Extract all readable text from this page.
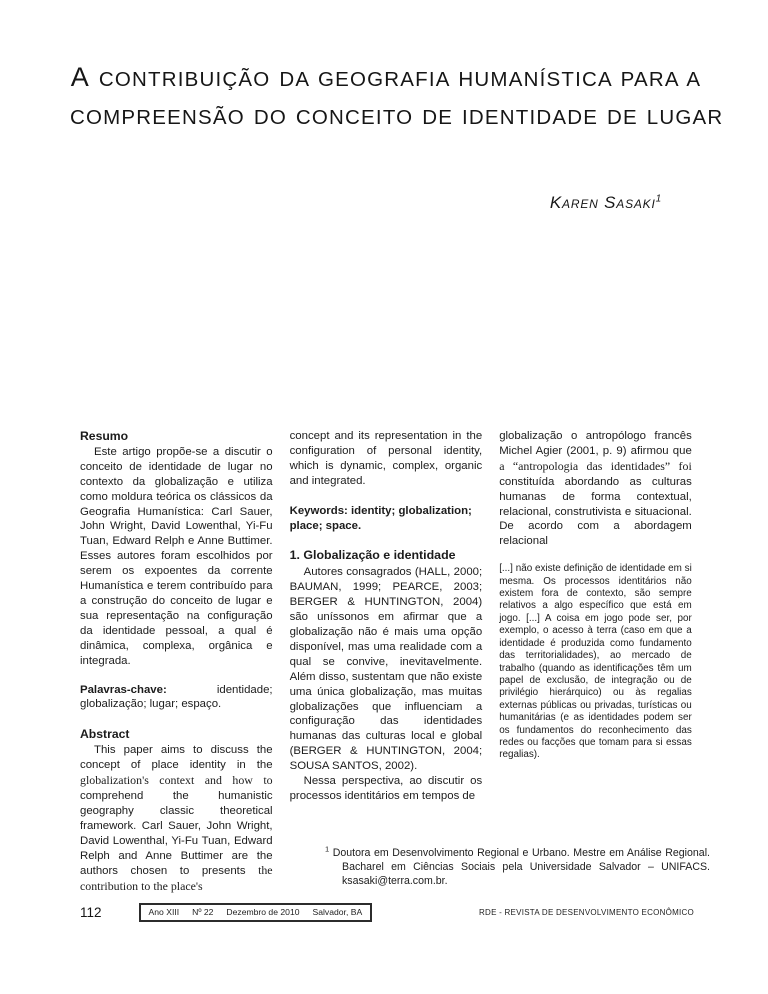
A CONTRIBUIÇÃO DA GEOGRAFIA HUMANÍSTICA PARA A
COMPREENSÃO DO CONCEITO DE IDENTIDADE DE LUGAR
Karen Sasaki$^1$
Resumo

Este artigo propõe-se a discutir o conceito de identidade de lugar no contexto da globalização e utiliza como moldura teórica os clássicos da Geografia Humanística: Carl Sauer, John Wright, David Lowenthal, Yi-Fu Tuan, Edward Relph e Anne Buttimer. Esses autores foram escolhidos por serem os expoentes da corrente Humanística e terem contribuído para a construção do conceito de lugar e sua representação na configuração da identidade pessoal, a qual é dinâmica, complexa, orgânica e integrada.

Palavras-chave: identidade; globalização; lugar; espaço.

Abstract

This paper aims to discuss the concept of place identity in the globalization's context and how to comprehend the humanistic geography classic theoretical framework. Carl Sauer, John Wright, David Lowenthal, Yi-Fu Tuan, Edward Relph and Anne Buttimer are the authors chosen to presents the contribution to the place's

concept and its representation in the configuration of personal identity, which is dynamic, complex, organic and integrated.

Keywords: identity; globalization; place; space.

1. Globalização e identidade

Autores consagrados (HALL, 2000; BAUMAN, 1999; PEARCE, 2003; BERGER & HUNTINGTON, 2004) são uníssonos em afirmar que a globalização não é mais uma opção disponível, mas uma realidade com a qual se convive, inevitavelmente. Além disso, sustentam que não existe uma única globalização, mas muitas globalizações que influenciam a configuração das identidades humanas das culturas local e global (BERGER & HUNTINGTON, 2004; SOUSA SANTOS, 2002).

Nessa perspectiva, ao discutir os processos identitários em tempos de

globalização o antropólogo francês Michel Agier (2001, p. 9) afirmou que a “antropologia das identidades” foi constituída abordando as culturas humanas de forma contextual, relacional, construtivista e situacional. De acordo com a abordagem relacional

[...] não existe definição de identidade em si mesma. Os processos identitários não existem fora de contexto, são sempre relativos a algo específico que está em jogo. [...] A coisa em jogo pode ser, por exemplo, o acesso à terra (caso em que a identidade é produzida como fundamento das territorialidades), ao mercado de trabalho (quando as identificações têm um papel de exclusão, de integração ou de privilégio hierárquico) ou às regalias externas públicas ou privadas, turísticas ou humanitárias (e as identidades podem ser os fundamentos do reconhecimento das redes ou facções que tomam para si essas regalias).

$^1$ Doutora em Desenvolvimento Regional e Urbano. Mestre em Análise Regional. Bacharel em Ciências Sociais pela Universidade Salvador – UNIFACS. ksasaki@terra.com.br.
112	Ano XIII Nº 22 Dezembro de 2010 Salvador, BA	RDE - REVISTA DE DESENVOLVIMENTO ECONÔMICO
